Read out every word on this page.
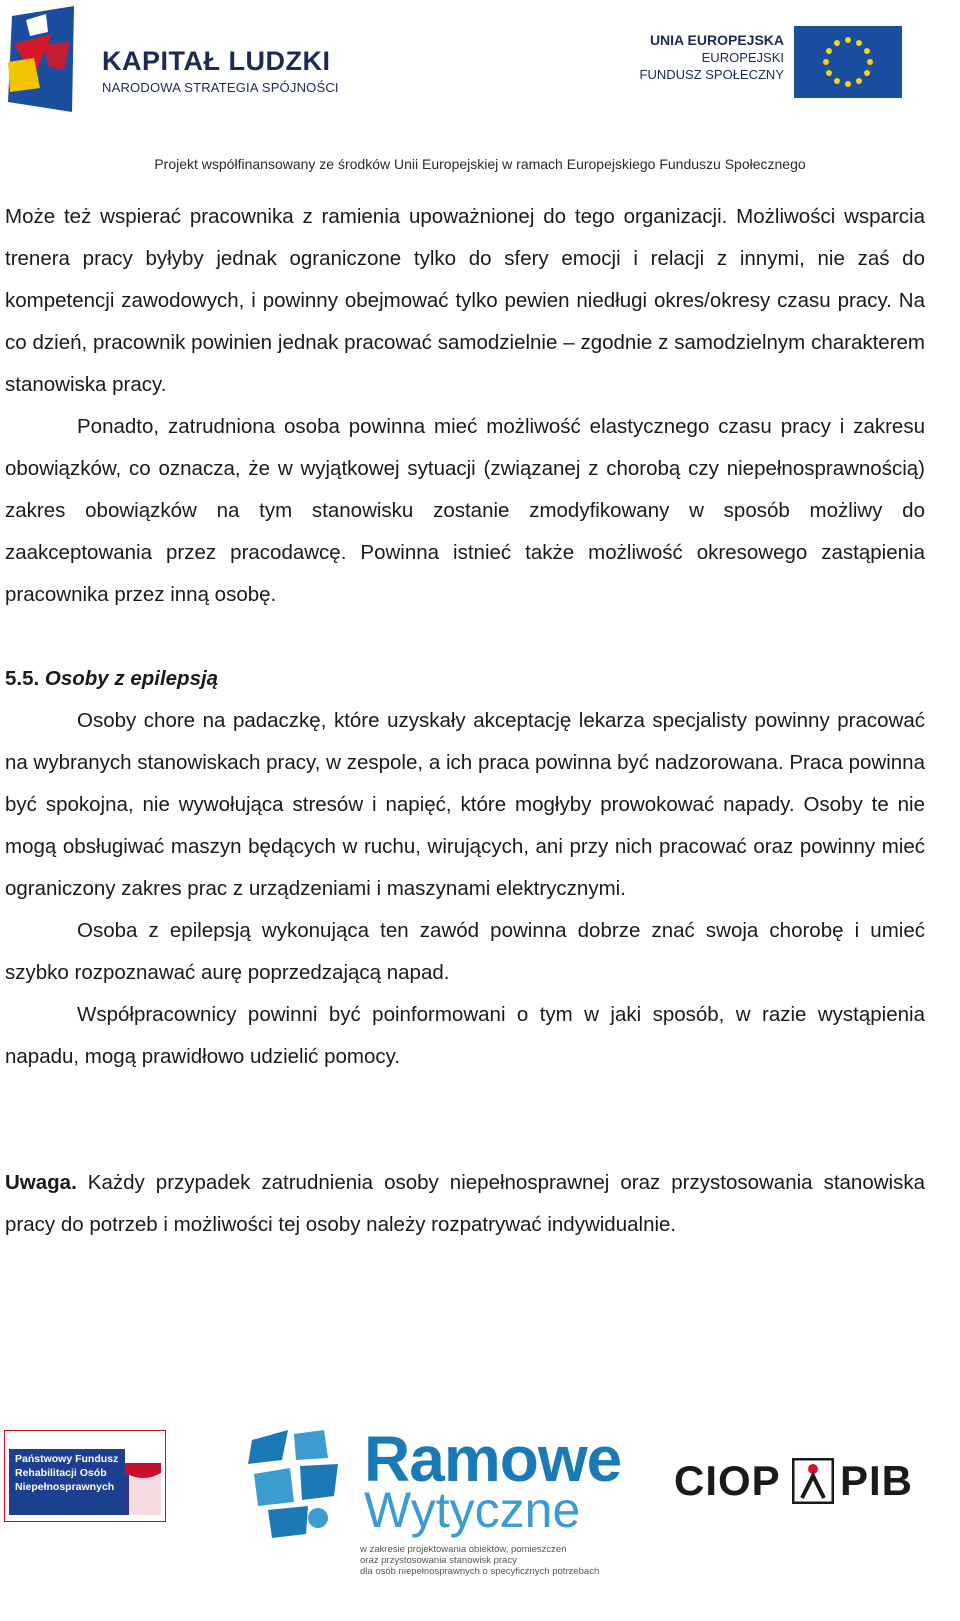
KAPITAŁ LUDZKI
NARODOWA STRATEGIA SPÓJNOŚCI
UNIA EUROPEJSKA
EUROPEJSKI
FUNDUSZ SPOŁECZNY
Projekt współfinansowany ze środków Unii Europejskiej w ramach Europejskiego Funduszu Społecznego

Może też wspierać pracownika z ramienia upoważnionej do tego organizacji. Możliwości wsparcia trenera pracy byłyby jednak ograniczone tylko do sfery emocji i relacji z innymi, nie zaś do kompetencji zawodowych, i powinny obejmować tylko pewien niedługi okres/okresy czasu pracy. Na co dzień, pracownik powinien jednak pracować samodzielnie – zgodnie z samodzielnym charakterem stanowiska pracy.

Ponadto, zatrudniona osoba powinna mieć możliwość elastycznego czasu pracy i zakresu obowiązków, co oznacza, że w wyjątkowej sytuacji (związanej z chorobą czy niepełnosprawnością) zakres obowiązków na tym stanowisku zostanie zmodyfikowany w sposób możliwy do zaakceptowania przez pracodawcę. Powinna istnieć także możliwość okresowego zastąpienia pracownika przez inną osobę.

5.5. Osoby z epilepsją

Osoby chore na padaczkę, które uzyskały akceptację lekarza specjalisty powinny pracować na wybranych stanowiskach pracy, w zespole, a ich praca powinna być nadzorowana. Praca powinna być spokojna, nie wywołująca stresów i napięć, które mogłyby prowokować napady. Osoby te nie mogą obsługiwać maszyn będących w ruchu, wirujących, ani przy nich pracować oraz powinny mieć ograniczony zakres prac z urządzeniami i maszynami elektrycznymi.

Osoba z epilepsją wykonująca ten zawód powinna dobrze znać swoja chorobę i umieć szybko rozpoznawać aurę poprzedzającą napad.

Współpracownicy powinni być poinformowani o tym w jaki sposób, w razie wystąpienia napadu, mogą prawidłowo udzielić pomocy.

Uwaga. Każdy przypadek zatrudnienia osoby niepełnosprawnej oraz przystosowania stanowiska pracy do potrzeb i możliwości tej osoby należy rozpatrywać indywidualnie.

Państwowy Fundusz
Rehabilitacji Osób
Niepełnosprawnych	Ramowe
Wytyczne
w zakresie projektowania obiektów, pomieszczeń
oraz przystosowania stanowisk pracy
dla osób niepełnosprawnych o specyficznych potrzebach
CIOP PIB
